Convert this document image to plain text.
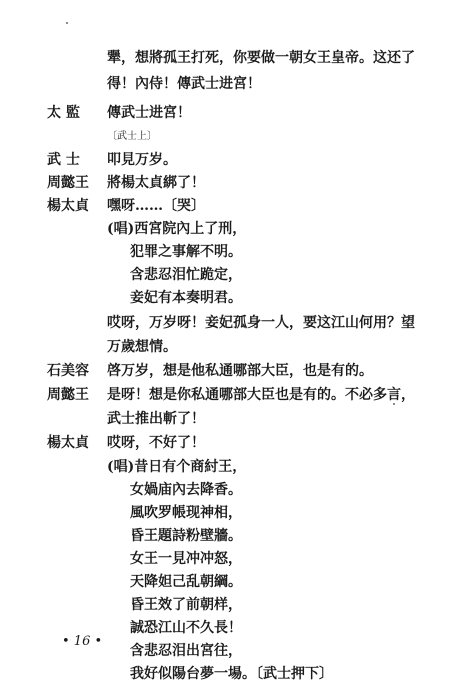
犟，想將孤王打死，你要做一朝女王皇帝。这还了
得！內侍！傳武士进宮！
太 監	傳武士进宮！
〔武士上〕
武 士	叩見万岁。
周懿王	將楊太貞綁了！
楊太貞	嘿呀……〔哭〕
(唱)西宮院內上了刑，
犯罪之事解不明。
含悲忍泪忙跪定，
妾妃有本奏明君。
哎呀，万岁呀！妾妃孤身一人，要这江山何用？望
万歲想情。
石美容	啓万岁，想是他私通哪部大臣，也是有的。
周懿王	是呀！想是你私通哪部大臣也是有的。不必多言，
武士推出斬了！
楊太貞	哎呀，不好了！
(唱)昔日有个商紂王，
女媧庙內去降香。
風吹罗帳现神相，
昏王題詩粉壁牆。
女王一見冲冲怒，
天降妲己乱朝綱。
昏王效了前朝样，
誠恐江山不久長！
含悲忍泪出宮往，
我好似陽台夢一場。〔武士押下〕
• 16 •
